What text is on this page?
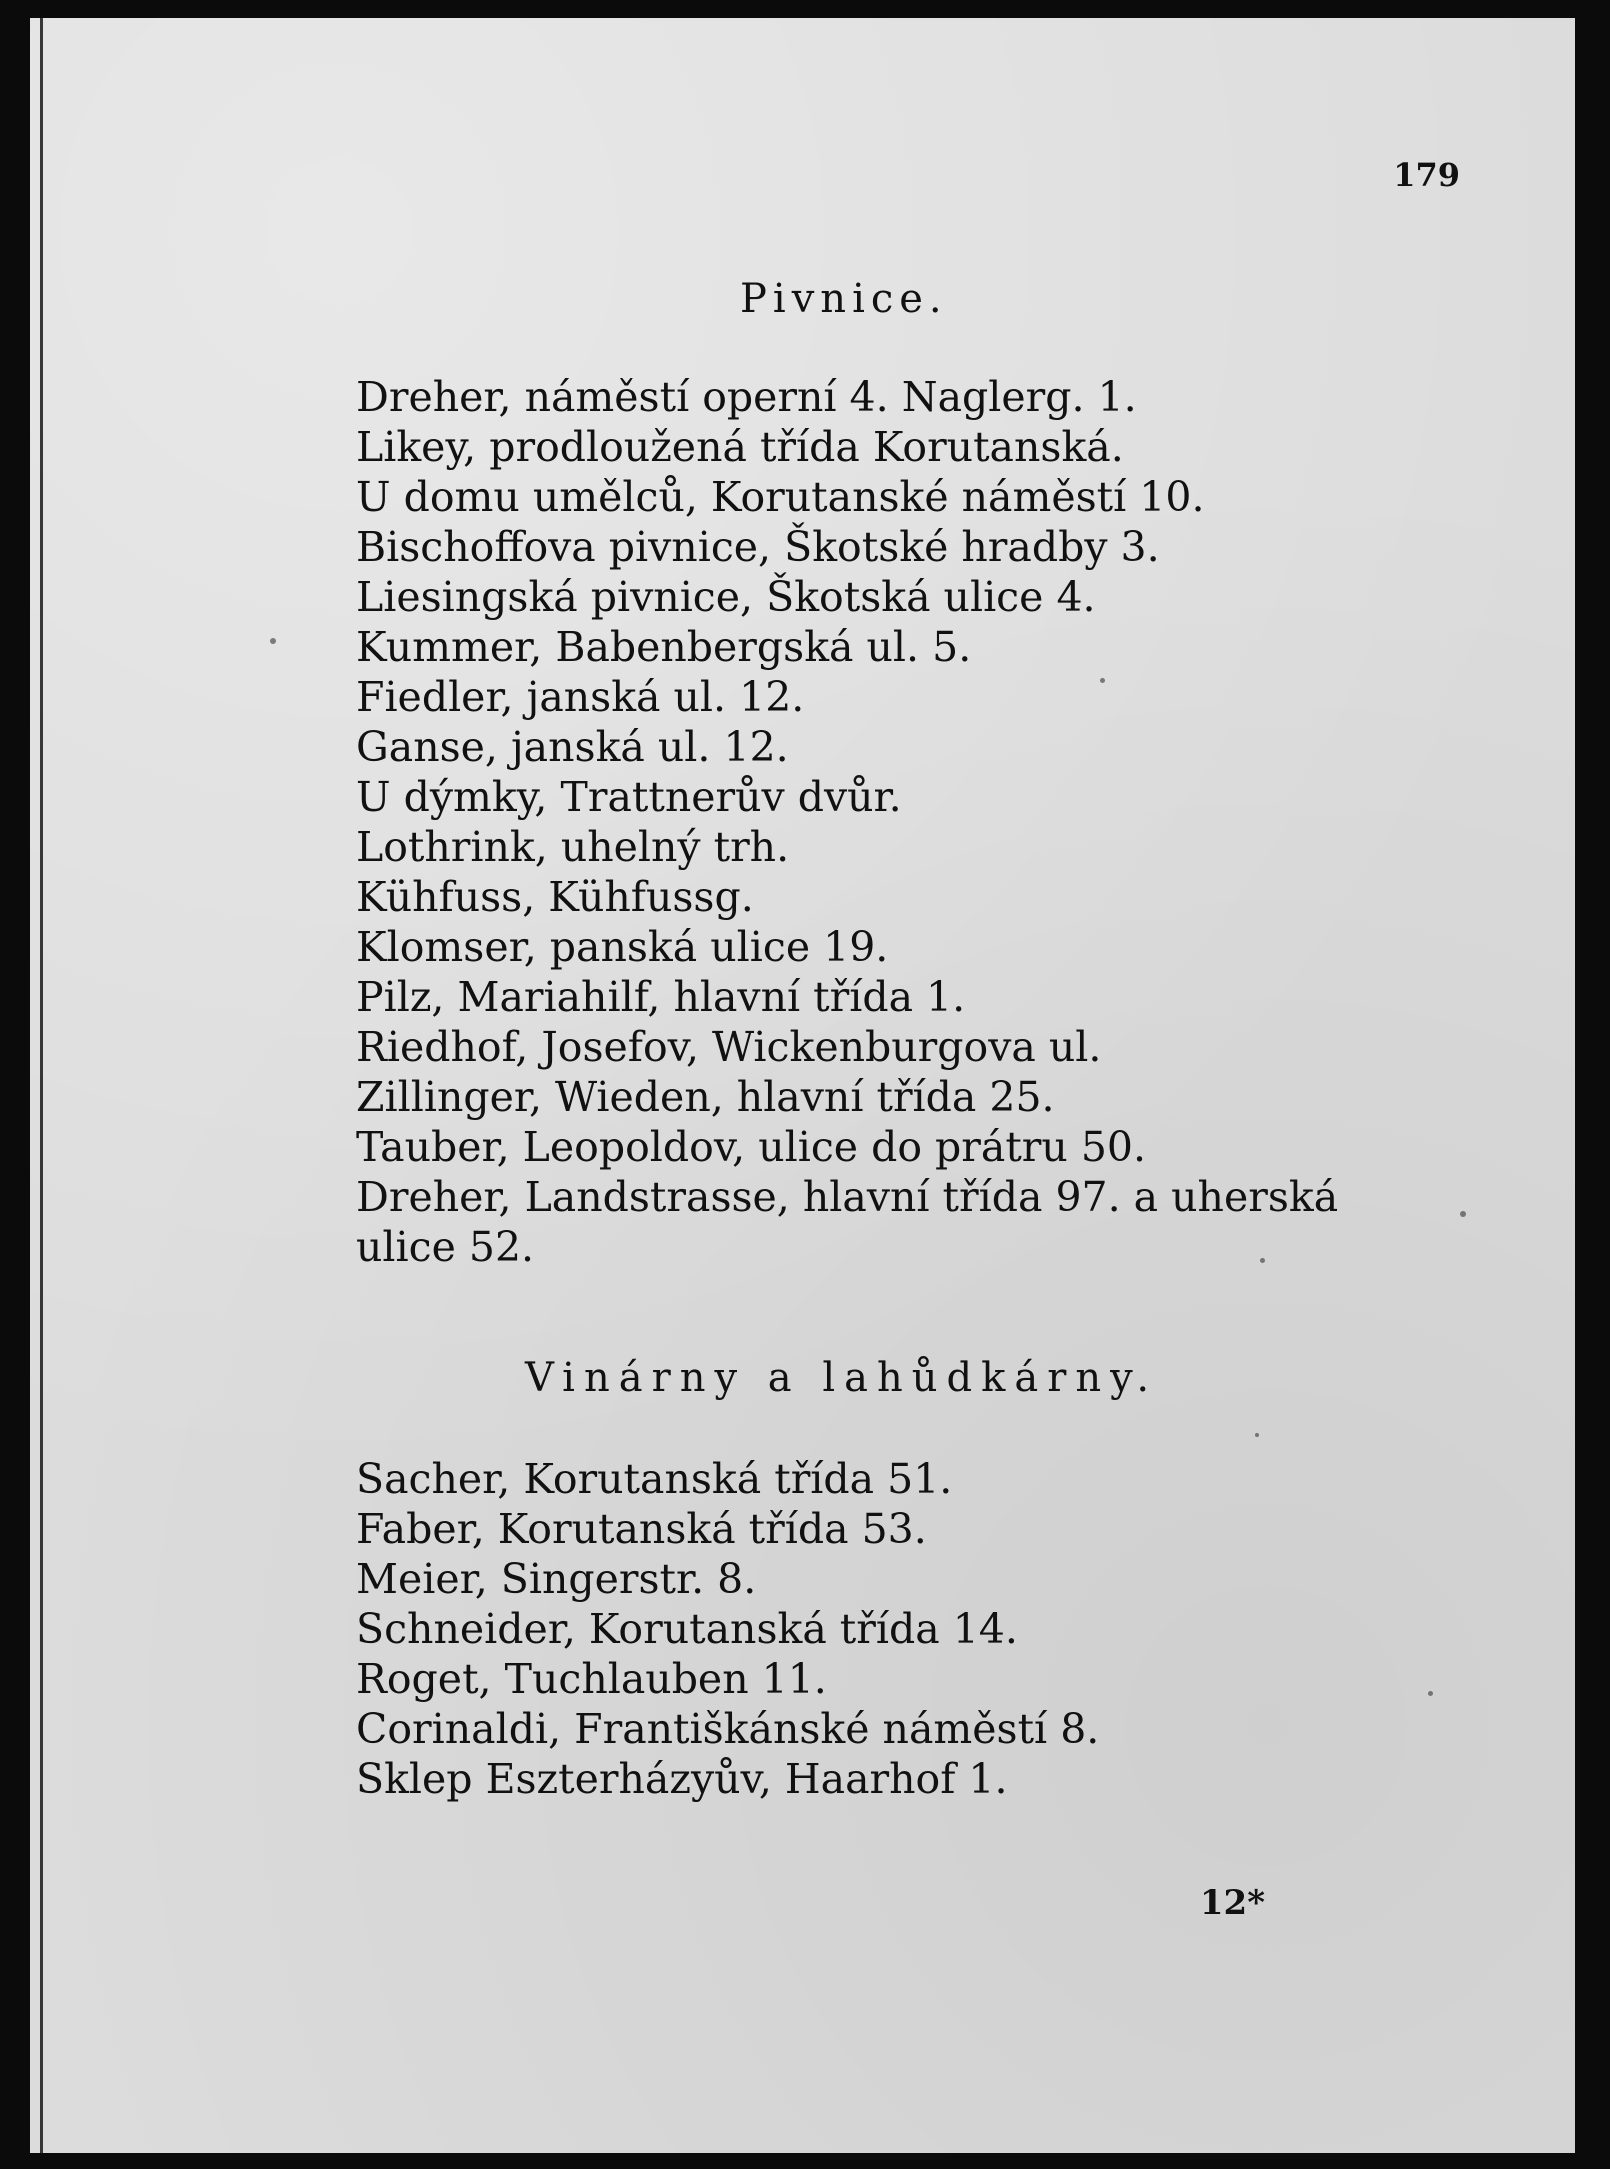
179
Pivnice.
Dreher, náměstí operní 4. Naglerg. 1.
Likey, prodloužená třída Korutanská.
U domu umělců, Korutanské náměstí 10.
Bischoffova pivnice, Škotské hradby 3.
Liesingská pivnice, Škotská ulice 4.
Kummer, Babenbergská ul. 5.
Fiedler, janská ul. 12.
Ganse, janská ul. 12.
U dýmky, Trattnerův dvůr.
Lothrink, uhelný trh.
Kühfuss, Kühfussg.
Klomser, panská ulice 19.
Pilz, Mariahilf, hlavní třída 1.
Riedhof, Josefov, Wickenburgova ul.
Zillinger, Wieden, hlavní třída 25.
Tauber, Leopoldov, ulice do prátru 50.
Dreher, Landstrasse, hlavní třída 97. a uherská
ulice 52.
Vinárny a lahůdkárny.
Sacher, Korutanská třída 51.
Faber, Korutanská třída 53.
Meier, Singerstr. 8.
Schneider, Korutanská třída 14.
Roget, Tuchlauben 11.
Corinaldi, Františkánské náměstí 8.
Sklep Eszterházyův, Haarhof 1.
12*
